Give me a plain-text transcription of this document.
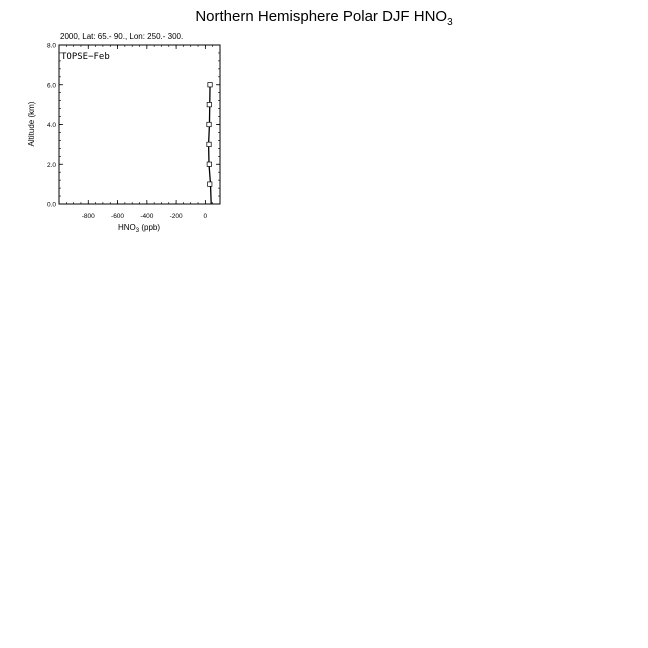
Northern Hemisphere Polar DJF $HNO_3$
2000, Lat: 65.- 90., Lon: 250.- 300.
0.0
2.0
4.0
6.0
8.0
-800	-600	-400	-200	0
TOPSE−Feb
Altitude (km)
$HNO_3$ (ppb)
